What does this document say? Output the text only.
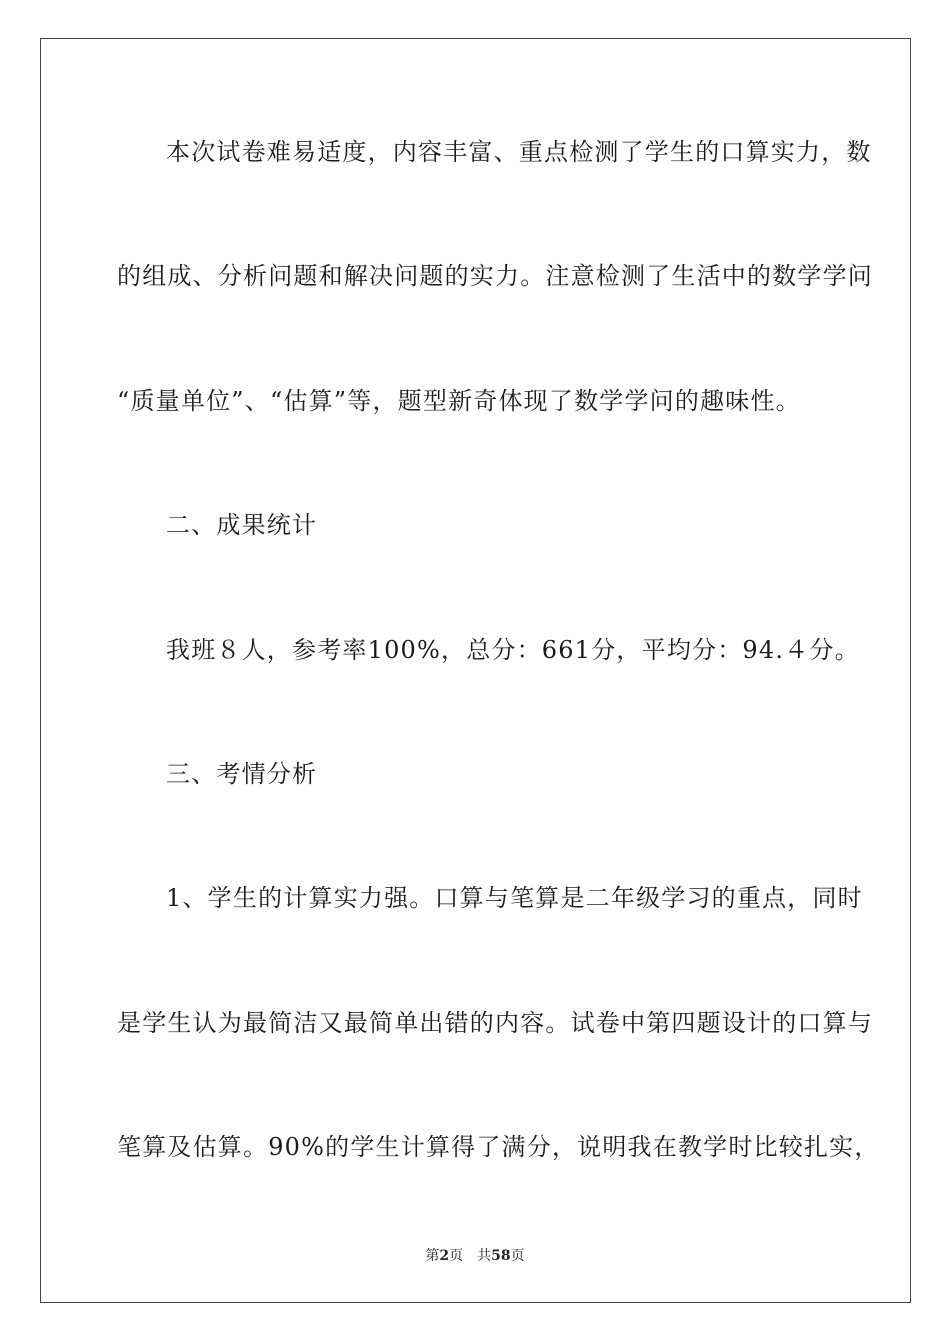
本次试卷难易适度，内容丰富、重点检测了学生的口算实力，数
的组成、分析问题和解决问题的实力。注意检测了生活中的数学学问
“质量单位”、“估算”等，题型新奇体现了数学学问的趣味性。
二、成果统计
我班８人，参考率100%，总分：661分，平均分：94.４分。
三、考情分析
1、学生的计算实力强。口算与笔算是二年级学习的重点，同时
是学生认为最简洁又最简单出错的内容。试卷中第四题设计的口算与
笔算及估算。90%的学生计算得了满分，说明我在教学时比较扎实，
第2页 共58页
